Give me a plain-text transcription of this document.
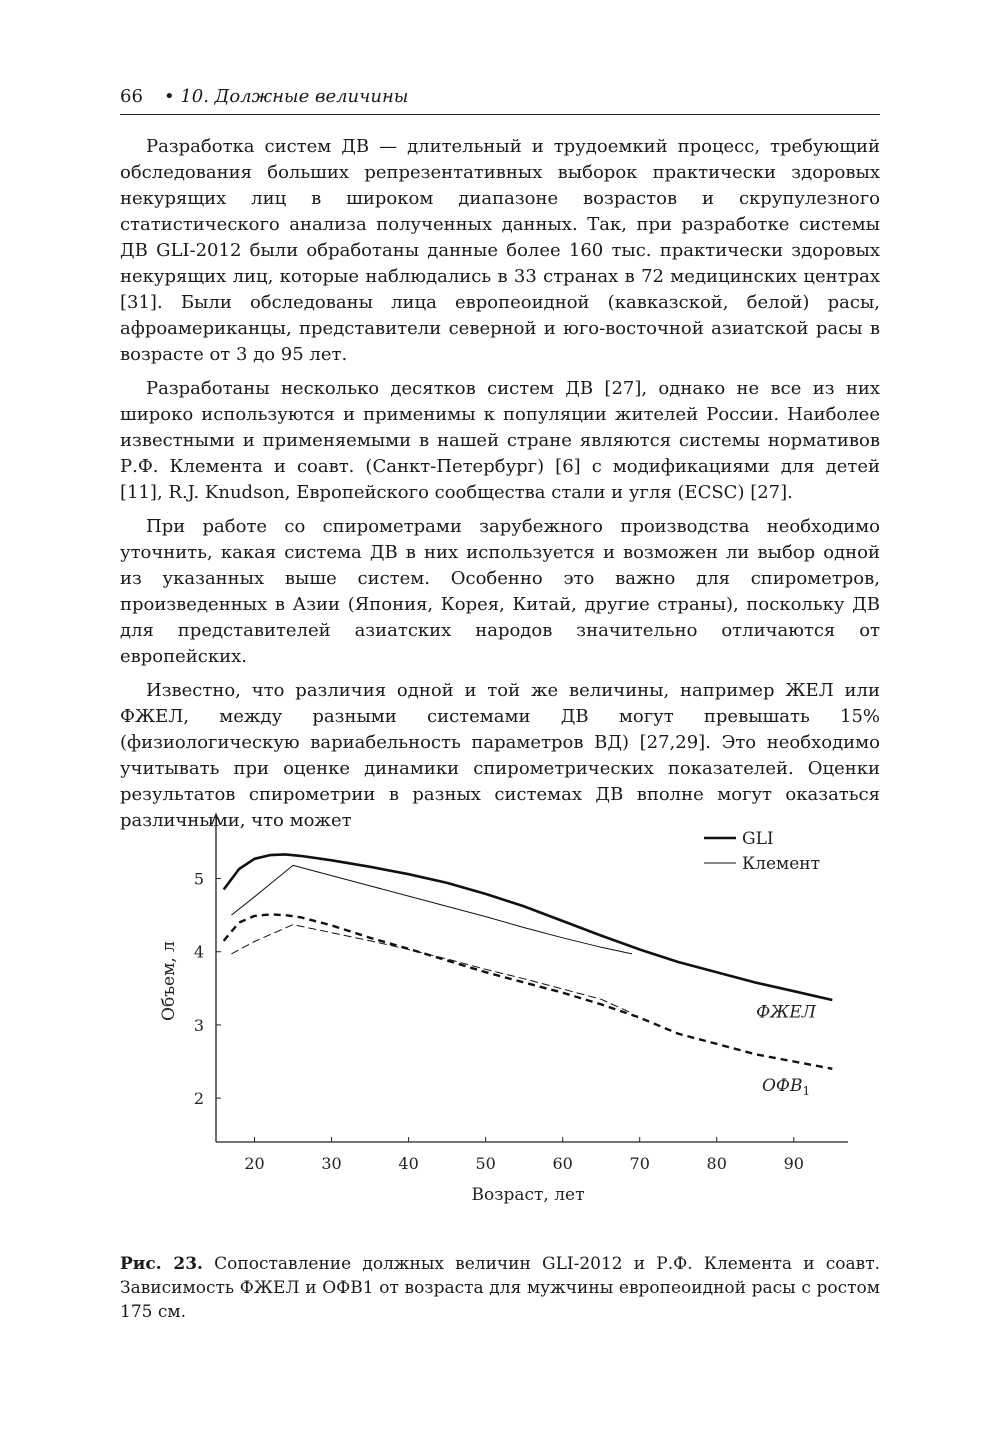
66 • 10. Должные величины

Разработка систем ДВ — длительный и трудоемкий процесс, требующий обследования больших репрезентативных выборок практически здоровых некурящих лиц в широком диапазоне возрастов и скрупулезного статистического анализа полученных данных. Так, при разработке системы ДВ GLI-2012 были обработаны данные более 160 тыс. практически здоровых некурящих лиц, которые наблюдались в 33 странах в 72 медицинских центрах [31]. Были обследованы лица европеоидной (кавказской, белой) расы, афроамериканцы, представители северной и юго-восточной азиатской расы в возрасте от 3 до 95 лет.

Разработаны несколько десятков систем ДВ [27], однако не все из них широко используются и применимы к популяции жителей России. Наиболее известными и применяемыми в нашей стране являются системы нормативов Р.Ф. Клемента и соавт. (Санкт-Петербург) [6] с модификациями для детей [11], R.J. Knudson, Европейского сообщества стали и угля (ECSC) [27].

При работе со спирометрами зарубежного производства необходимо уточнить, какая система ДВ в них используется и возможен ли выбор одной из указанных выше систем. Особенно это важно для спирометров, произведенных в Азии (Япония, Корея, Китай, другие страны), поскольку ДВ для представителей азиатских народов значительно отличаются от европейских.

Известно, что различия одной и той же величины, например ЖЕЛ или ФЖЕЛ, между разными системами ДВ могут превышать 15% (физиологическую вариабельность параметров ВД) [27,29]. Это необходимо учитывать при оценке динамики спирометрических показателей. Оценки результатов спирометрии в разных системах ДВ вполне могут оказаться различными, что может

20	30	40	50	60	70	80	90
2
3
4
5
Возраст, лет
Объем, л
GLI
Клемент
ФЖЕЛ
$ОФВ_1$
Рис. 23. Сопоставление должных величин GLI-2012 и Р.Ф. Клемента и соавт. Зависимость ФЖЕЛ и ОФВ1 от возраста для мужчины европеоидной расы с ростом 175 см.
